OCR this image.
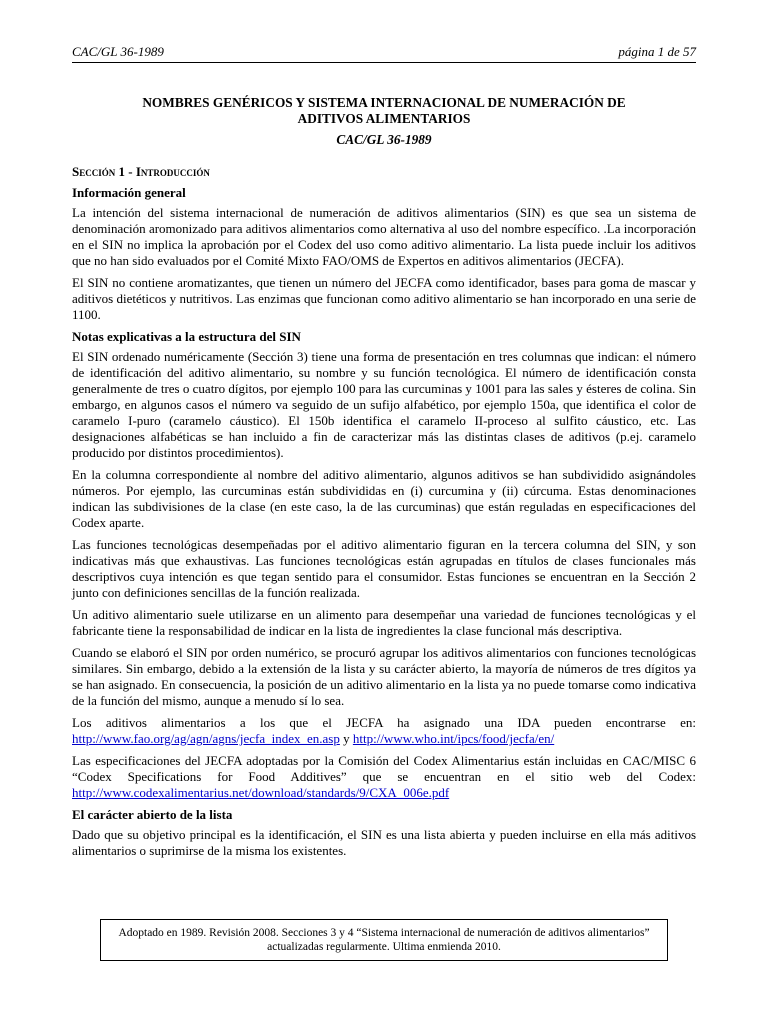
CAC/GL 36-1989	página 1 de 57
NOMBRES GENÉRICOS Y SISTEMA INTERNACIONAL DE NUMERACIÓN DE ADITIVOS ALIMENTARIOS
CAC/GL 36-1989
Sección 1 - Introducción
Información general

La intención del sistema internacional de numeración de aditivos alimentarios (SIN) es que sea un sistema de denominación aromonizado para aditivos alimentarios como alternativa al uso del nombre específico. .La incorporación en el SIN no implica la aprobación por el Codex del uso como aditivo alimentario. La lista puede incluir los aditivos que no han sido evaluados por el Comité Mixto FAO/OMS de Expertos en aditivos alimentarios (JECFA).

El SIN no contiene aromatizantes, que tienen un número del JECFA como identificador, bases para goma de mascar y aditivos dietéticos y nutritivos. Las enzimas que funcionan como aditivo alimentario se han incorporado en una serie de 1100.

Notas explicativas a la estructura del SIN

El SIN ordenado numéricamente (Sección 3) tiene una forma de presentación en tres columnas que indican: el número de identificación del aditivo alimentario, su nombre y su función tecnológica. El número de identificación consta generalmente de tres o cuatro dígitos, por ejemplo 100 para las curcuminas y 1001 para las sales y ésteres de colina. Sin embargo, en algunos casos el número va seguido de un sufijo alfabético, por ejemplo 150a, que identifica el color de caramelo I-puro (caramelo cáustico). El 150b identifica el caramelo II-proceso al sulfito cáustico, etc. Las designaciones alfabéticas se han incluido a fin de caracterizar más las distintas clases de aditivos (p.ej. caramelo producido por distintos procedimientos).

En la columna correspondiente al nombre del aditivo alimentario, algunos aditivos se han subdividido asignándoles números. Por ejemplo, las curcuminas están subdivididas en (i) curcumina y (ii) cúrcuma. Estas denominaciones indican las subdivisiones de la clase (en este caso, la de las curcuminas) que están reguladas en especificaciones del Codex aparte.

Las funciones tecnológicas desempeñadas por el aditivo alimentario figuran en la tercera columna del SIN, y son indicativas más que exhaustivas. Las funciones tecnológicas están agrupadas en títulos de clases funcionales más descriptivos cuya intención es que tegan sentido para el consumidor. Estas funciones se encuentran en la Sección 2 junto con definiciones sencillas de la función realizada.

Un aditivo alimentario suele utilizarse en un alimento para desempeñar una variedad de funciones tecnológicas y el fabricante tiene la responsabilidad de indicar en la lista de ingredientes la clase funcional más descriptiva.

Cuando se elaboró el SIN por orden numérico, se procuró agrupar los aditivos alimentarios con funciones tecnológicas similares. Sin embargo, debido a la extensión de la lista y su carácter abierto, la mayoría de números de tres dígitos ya se han asignado. En consecuencia, la posición de un aditivo alimentario en la lista ya no puede tomarse como indicativa de la función del mismo, aunque a menudo sí lo sea.

Los aditivos alimentarios a los que el JECFA ha asignado una IDA pueden encontrarse en: http://www.fao.org/ag/agn/agns/jecfa_index_en.asp y http://www.who.int/ipcs/food/jecfa/en/

Las especificaciones del JECFA adoptadas por la Comisión del Codex Alimentarius están incluidas en CAC/MISC 6 “Codex Specifications for Food Additives” que se encuentran en el sitio web del Codex: http://www.codexalimentarius.net/download/standards/9/CXA_006e.pdf

El carácter abierto de la lista

Dado que su objetivo principal es la identificación, el SIN es una lista abierta y pueden incluirse en ella más aditivos alimentarios o suprimirse de la misma los existentes.

Adoptado en 1989. Revisión 2008. Secciones 3 y 4 “Sistema internacional de numeración de aditivos alimentarios” actualizadas regularmente. Ultima enmienda 2010.
